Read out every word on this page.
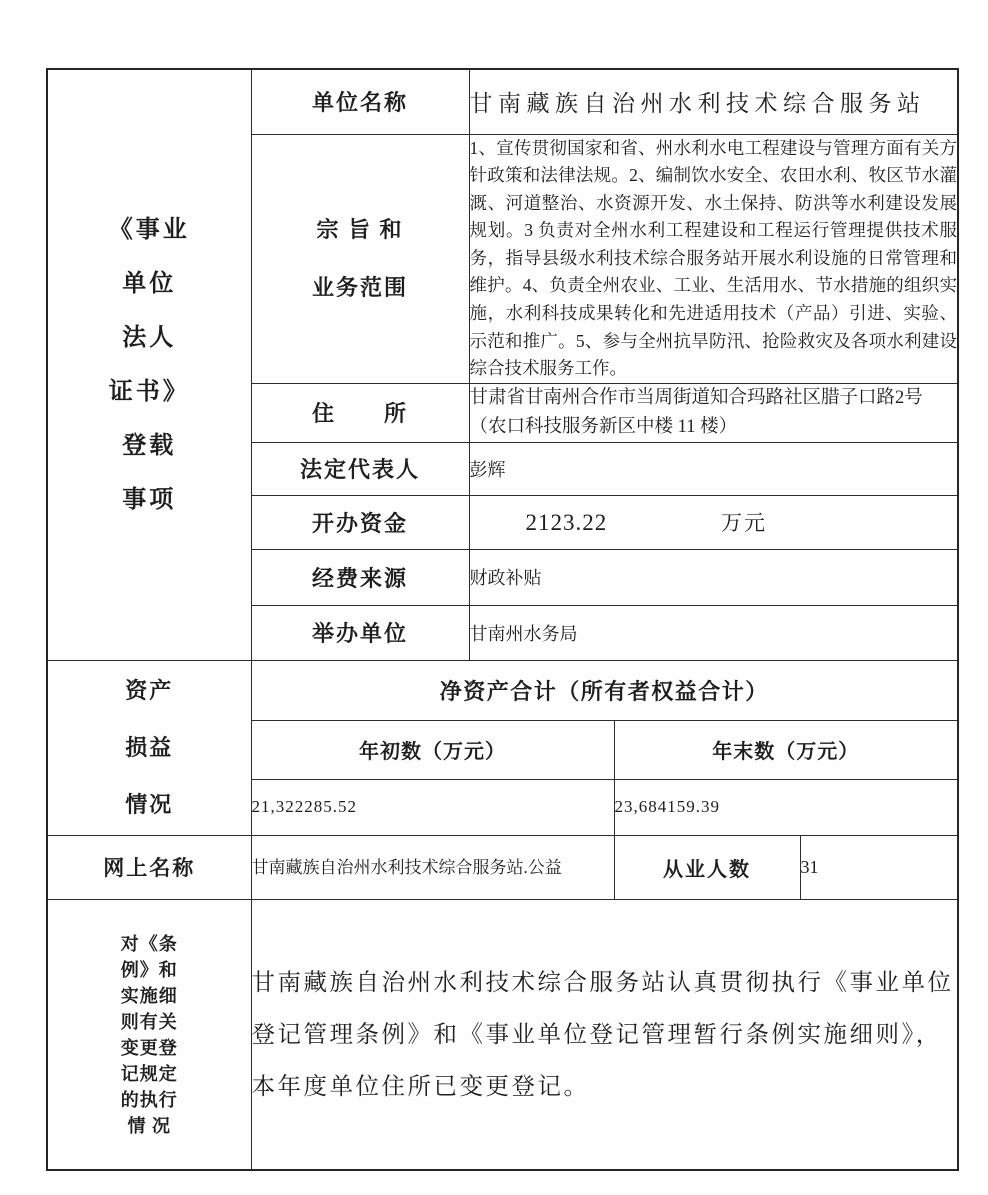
《事业
单位
法人
证书》
登载
事项
	单位名称	甘南藏族自治州水利技术综合服务站

	宗 旨 和
业务范围	1、宣传贯彻国家和省、州水利水电工程建设与管理方面有关方针政策和法律法规。2、编制饮水安全、农田水利、牧区节水灌溉、河道整治、水资源开发、水土保持、防洪等水利建设发展规划。3 负责对全州水利工程建设和工程运行管理提供技术服务，指导县级水利技术综合服务站开展水利设施的日常管理和维护。4、负责全州农业、工业、生活用水、节水措施的组织实施，水利科技成果转化和先进适用技术（产品）引进、实验、示范和推广。5、参与全州抗旱防汛、抢险救灾及各项水利建设综合技术服务工作。		
	住　　所	甘肃省甘南州合作市当周街道知合玛路社区腊子口路2号（农口科技服务新区中楼 11 楼）		
	法定代表人	彭辉		
	开办资金	2123.22 万元		
	经费来源	财政补贴		
	举办单位	甘南州水务局		

资产
损益
情况	净资产合计（所有者权益合计）			
	年初数（万元）		年末数（万元）	
	21,322285.52		23,684159.39	
网上名称	甘南藏族自治州水利技术综合服务站.公益		从业人数	31

对《条
例》和
实施细
则有关
变更登
记规定
的执行
情 况
	甘南藏族自治州水利技术综合服务站认真贯彻执行《事业单位登记管理条例》和《事业单位登记管理暂行条例实施细则》，本年度单位住所已变更登记。
